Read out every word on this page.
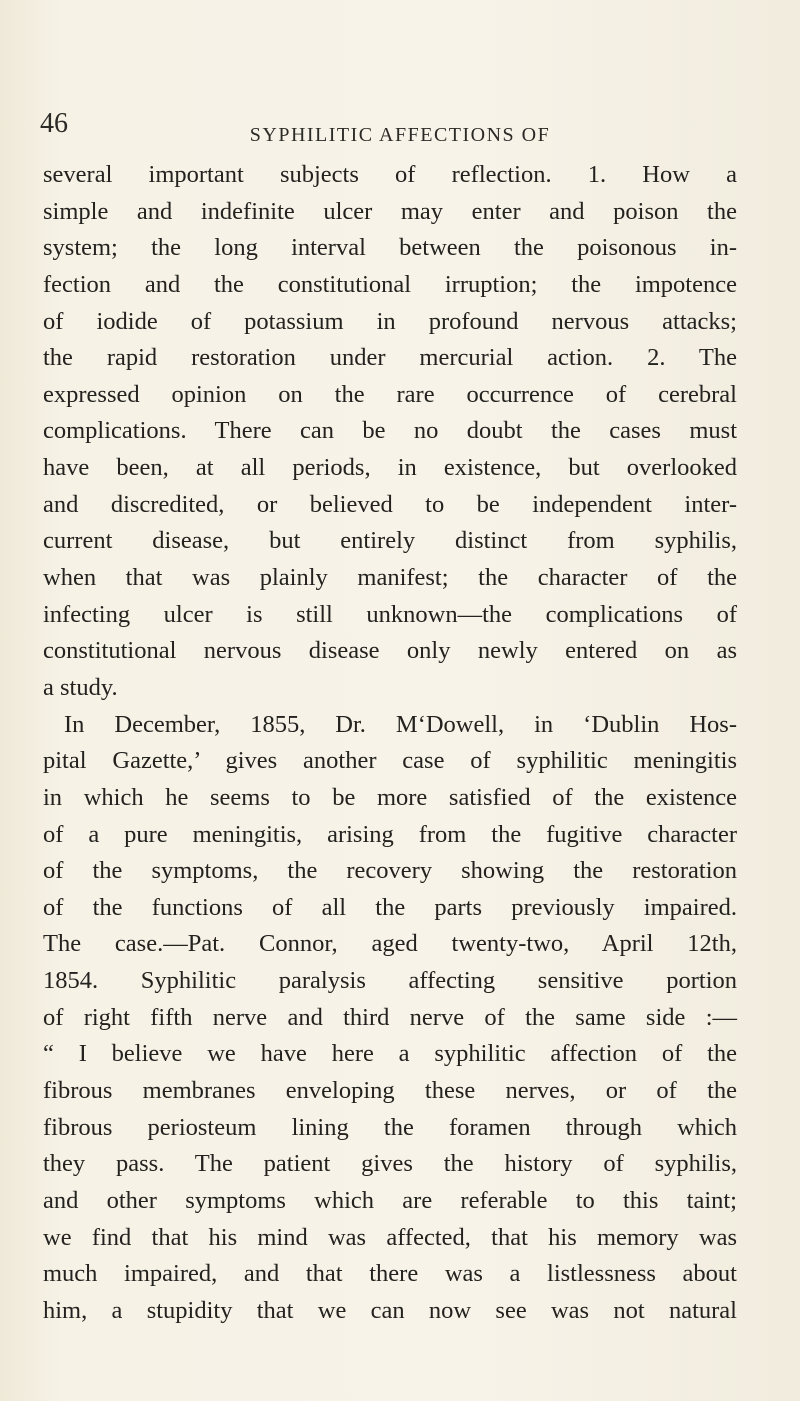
46	SYPHILITIC AFFECTIONS OF
several important subjects of reflection. 1. How a
simple and indefinite ulcer may enter and poison the
system; the long interval between the poisonous in-
fection and the constitutional irruption; the impotence
of iodide of potassium in profound nervous attacks;
the rapid restoration under mercurial action. 2. The
expressed opinion on the rare occurrence of cerebral
complications. There can be no doubt the cases must
have been, at all periods, in existence, but overlooked
and discredited, or believed to be independent inter-
current disease, but entirely distinct from syphilis,
when that was plainly manifest; the character of the
infecting ulcer is still unknown—the complications of
constitutional nervous disease only newly entered on as
a study.
In December, 1855, Dr. M‘Dowell, in ‘Dublin Hos-
pital Gazette,’ gives another case of syphilitic meningitis
in which he seems to be more satisfied of the existence
of a pure meningitis, arising from the fugitive character
of the symptoms, the recovery showing the restoration
of the functions of all the parts previously impaired.
The case.—Pat. Connor, aged twenty-two, April 12th,
1854. Syphilitic paralysis affecting sensitive portion
of right fifth nerve and third nerve of the same side :—
“ I believe we have here a syphilitic affection of the
fibrous membranes enveloping these nerves, or of the
fibrous periosteum lining the foramen through which
they pass. The patient gives the history of syphilis,
and other symptoms which are referable to this taint;
we find that his mind was affected, that his memory was
much impaired, and that there was a listlessness about
him, a stupidity that we can now see was not natural
